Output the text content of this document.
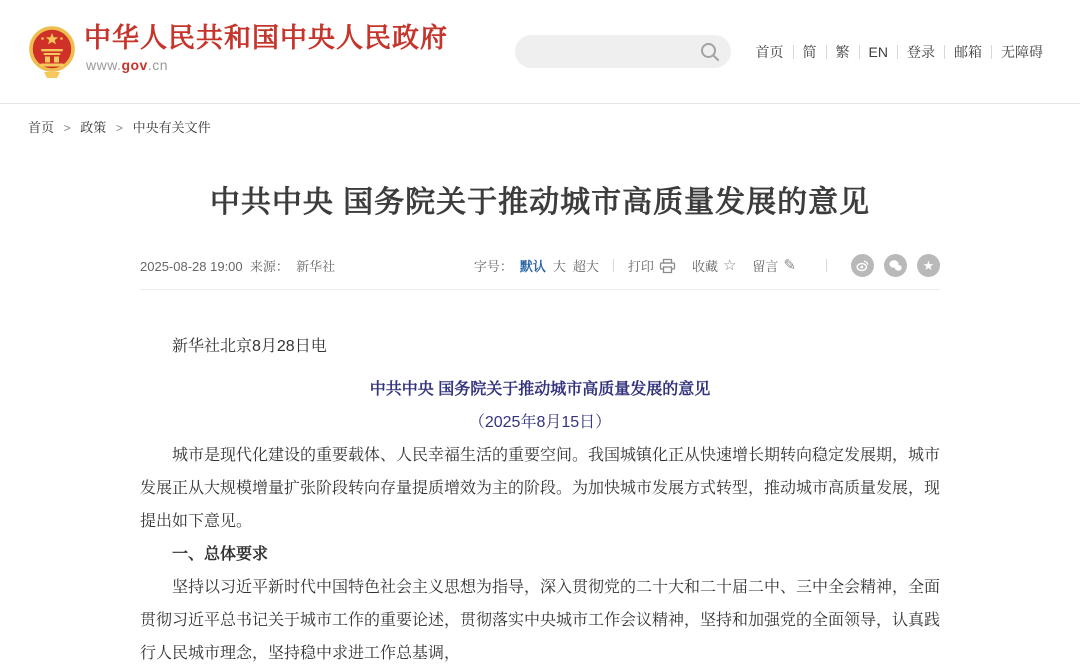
中华人民共和国中央人民政府
www.gov.cn
首页	简	繁	EN	登录	邮箱	无障碍
首页 > 政策 > 中央有关文件
中共中央 国务院关于推动城市高质量发展的意见
2025-08-28 19:00 来源： 新华社	字号： 默认 大 超大 打印	收藏 ☆ 留言 ✎	★

新华社北京8月28日电

中共中央 国务院关于推动城市高质量发展的意见

（2025年8月15日）

城市是现代化建设的重要载体、人民幸福生活的重要空间。我国城镇化正从快速增长期转向稳定发展期，城市发展正从大规模增量扩张阶段转向存量提质增效为主的阶段。为加快城市发展方式转型，推动城市高质量发展，现提出如下意见。

一、总体要求

坚持以习近平新时代中国特色社会主义思想为指导，深入贯彻党的二十大和二十届二中、三中全会精神，全面贯彻习近平总书记关于城市工作的重要论述，贯彻落实中央城市工作会议精神，坚持和加强党的全面领导，认真践行人民城市理念，坚持稳中求进工作总基调，
